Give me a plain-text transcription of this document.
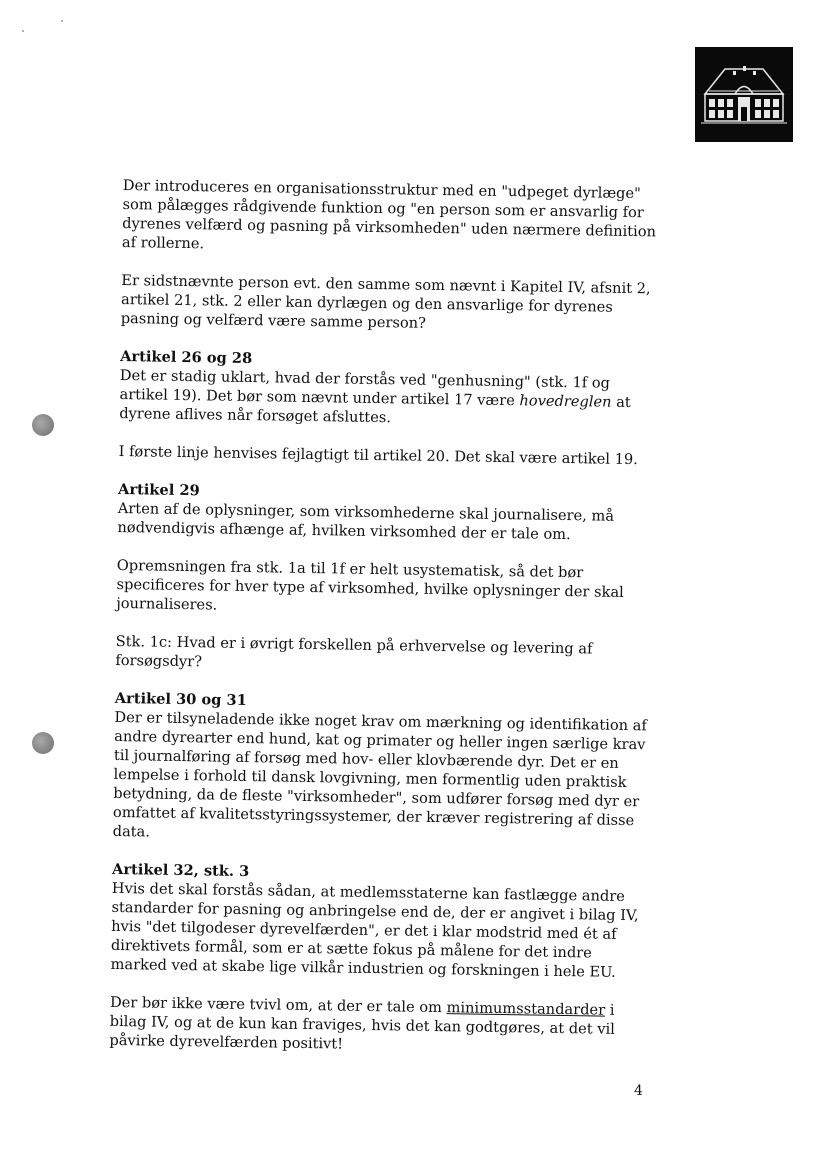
Der introduceres en organisationsstruktur med en "udpeget dyrlæge" som pålægges rådgivende funktion og "en person som er ansvarlig for dyrenes velfærd og pasning på virksomheden" uden nærmere definition af rollerne.

Er sidstnævnte person evt. den samme som nævnt i Kapitel IV, afsnit 2, artikel 21, stk. 2 eller kan dyrlægen og den ansvarlige for dyrenes pasning og velfærd være samme person?

Artikel 26 og 28

Det er stadig uklart, hvad der forstås ved "genhusning" (stk. 1f og artikel 19). Det bør som nævnt under artikel 17 være hovedreglen at dyrene aflives når forsøget afsluttes.

I første linje henvises fejlagtigt til artikel 20. Det skal være artikel 19.

Artikel 29

Arten af de oplysninger, som virksomhederne skal journalisere, må nødvendigvis afhænge af, hvilken virksomhed der er tale om.

Opremsningen fra stk. 1a til 1f er helt usystematisk, så det bør specificeres for hver type af virksomhed, hvilke oplysninger der skal journaliseres.

Stk. 1c: Hvad er i øvrigt forskellen på erhvervelse og levering af forsøgsdyr?

Artikel 30 og 31

Der er tilsyneladende ikke noget krav om mærkning og identifikation af andre dyrearter end hund, kat og primater og heller ingen særlige krav til journalføring af forsøg med hov- eller klovbærende dyr. Det er en lempelse i forhold til dansk lovgivning, men formentlig uden praktisk betydning, da de fleste "virksomheder", som udfører forsøg med dyr er omfattet af kvalitetsstyringssystemer, der kræver registrering af disse data.

Artikel 32, stk. 3

Hvis det skal forstås sådan, at medlemsstaterne kan fastlægge andre standarder for pasning og anbringelse end de, der er angivet i bilag IV, hvis "det tilgodeser dyrevelfærden", er det i klar modstrid med ét af direktivets formål, som er at sætte fokus på målene for det indre marked ved at skabe lige vilkår industrien og forskningen i hele EU.

Der bør ikke være tvivl om, at der er tale om minimumsstandarder i bilag IV, og at de kun kan fraviges, hvis det kan godtgøres, at det vil påvirke dyrevelfærden positivt!

4
